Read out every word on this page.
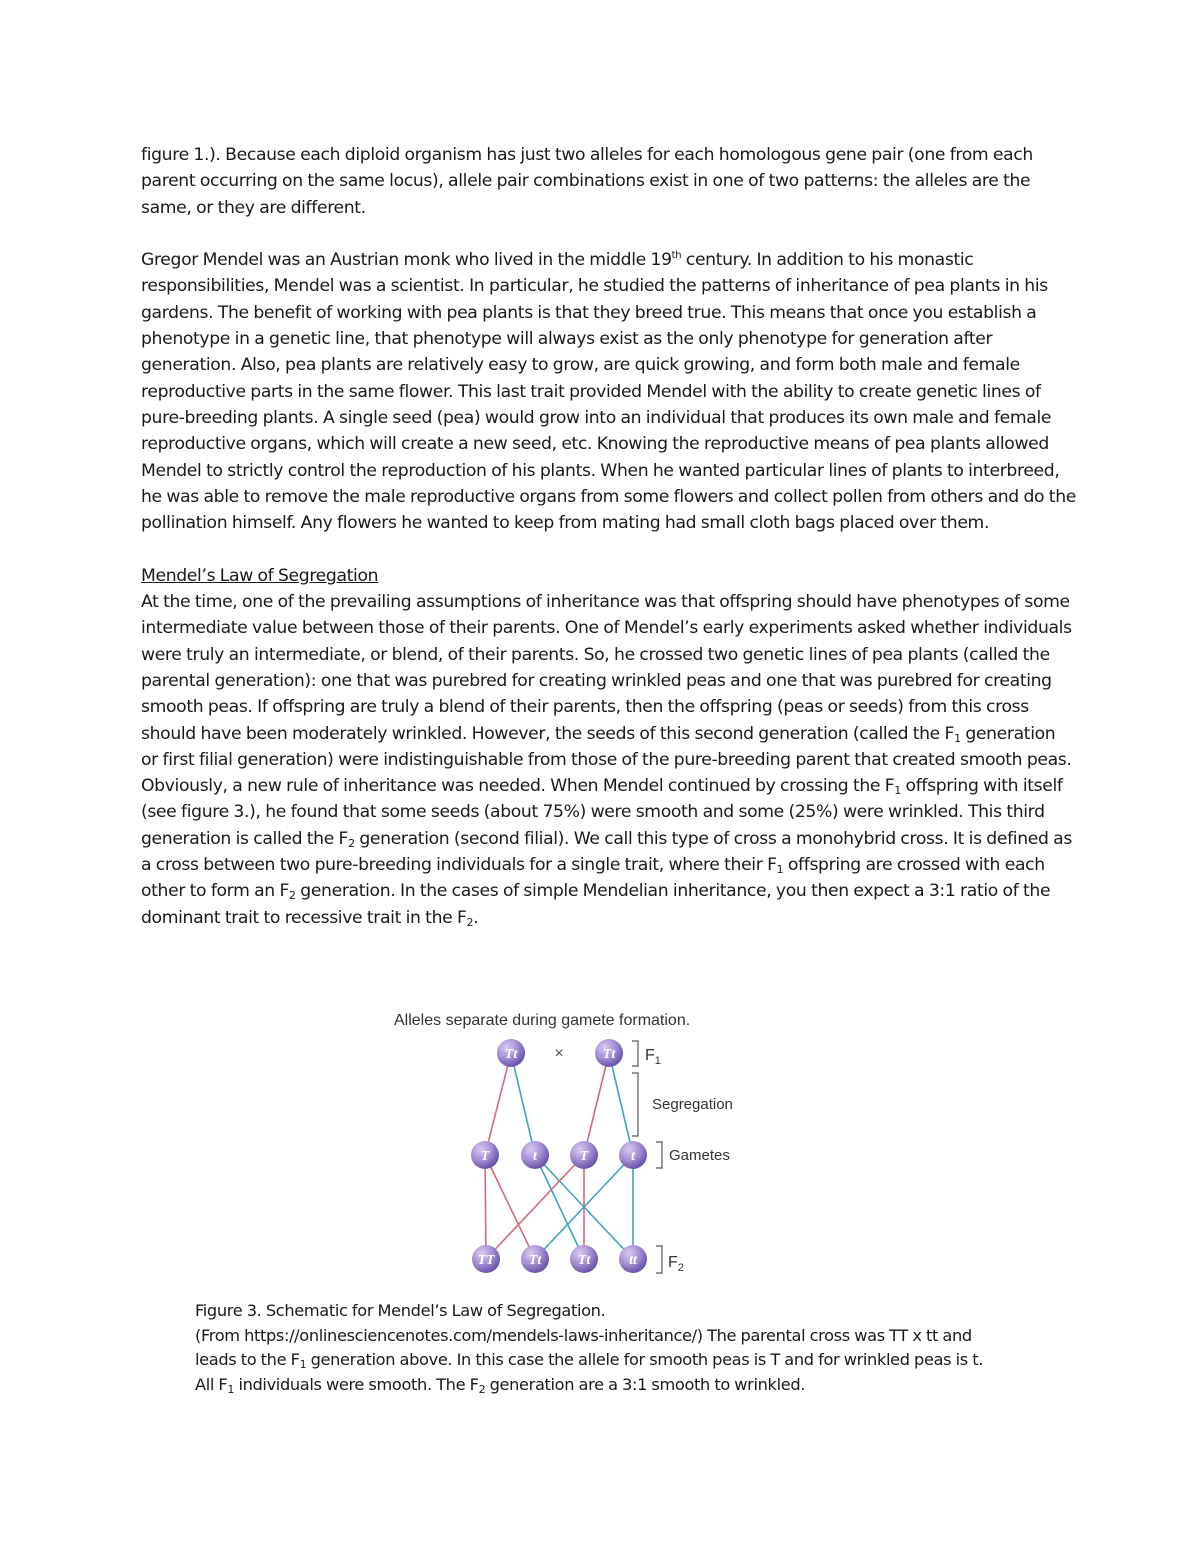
figure 1.). Because each diploid organism has just two alleles for each homologous gene pair (one from each parent occurring on the same locus), allele pair combinations exist in one of two patterns: the alleles are the same, or they are different.

Gregor Mendel was an Austrian monk who lived in the middle 19th century. In addition to his monastic responsibilities, Mendel was a scientist. In particular, he studied the patterns of inheritance of pea plants in his gardens. The benefit of working with pea plants is that they breed true. This means that once you establish a phenotype in a genetic line, that phenotype will always exist as the only phenotype for generation after generation. Also, pea plants are relatively easy to grow, are quick growing, and form both male and female reproductive parts in the same flower. This last trait provided Mendel with the ability to create genetic lines of pure-breeding plants. A single seed (pea) would grow into an individual that produces its own male and female reproductive organs, which will create a new seed, etc. Knowing the reproductive means of pea plants allowed Mendel to strictly control the reproduction of his plants. When he wanted particular lines of plants to interbreed, he was able to remove the male reproductive organs from some flowers and collect pollen from others and do the pollination himself. Any flowers he wanted to keep from mating had small cloth bags placed over them.

Mendel’s Law of Segregation

At the time, one of the prevailing assumptions of inheritance was that offspring should have phenotypes of some intermediate value between those of their parents. One of Mendel’s early experiments asked whether individuals were truly an intermediate, or blend, of their parents. So, he crossed two genetic lines of pea plants (called the parental generation): one that was purebred for creating wrinkled peas and one that was purebred for creating smooth peas. If offspring are truly a blend of their parents, then the offspring (peas or seeds) from this cross should have been moderately wrinkled. However, the seeds of this second generation (called the $F_1$ generation or first filial generation) were indistinguishable from those of the pure-breeding parent that created smooth peas. Obviously, a new rule of inheritance was needed. When Mendel continued by crossing the $F_1$ offspring with itself (see figure 3.), he found that some seeds (about 75%) were smooth and some (25%) were wrinkled. This third generation is called the $F_2$ generation (second filial). We call this type of cross a monohybrid cross. It is defined as a cross between two pure-breeding individuals for a single trait, where their $F_1$ offspring are crossed with each other to form an $F_2$ generation. In the cases of simple Mendelian inheritance, you then expect a 3:1 ratio of the dominant trait to recessive trait in the $F_2$.

Alleles separate during gamete formation.
Tt ×	Tt
T	t	T	t
TT Tt	Tt	tt
$F_1$
Segregation
Gametes
$F_2$

Figure 3. Schematic for Mendel’s Law of Segregation.

(From https://onlinesciencenotes.com/mendels-laws-inheritance/) The parental cross was TT x tt and leads to the $F_1$ generation above. In this case the allele for smooth peas is T and for wrinkled peas is t. All $F_1$ individuals were smooth. The $F_2$ generation are a 3:1 smooth to wrinkled.
